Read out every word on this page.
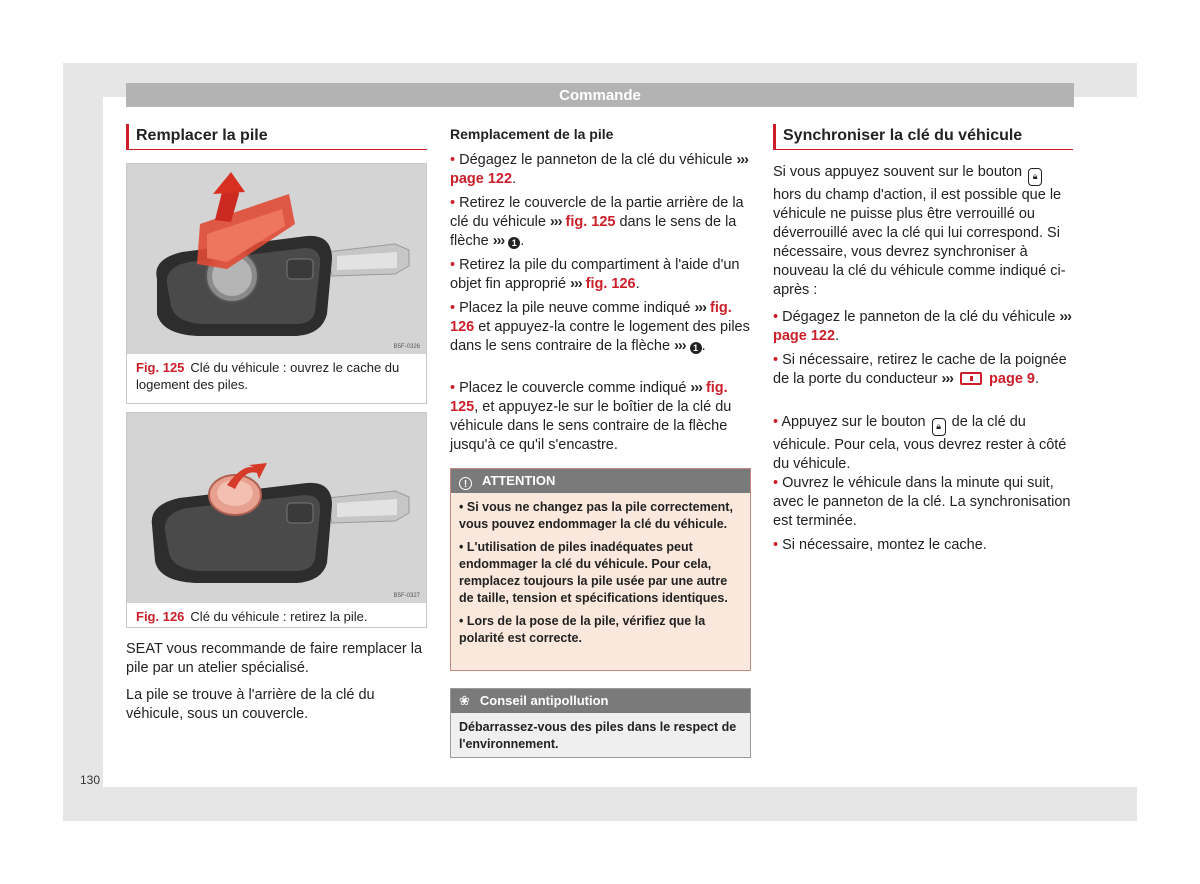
Commande
Remplacer la pile
B5F-0326
Fig. 125 Clé du véhicule : ouvrez le cache du logement des piles.
B5F-0327
Fig. 126 Clé du véhicule : retirez la pile.

SEAT vous recommande de faire remplacer la pile par un atelier spécialisé.

La pile se trouve à l'arrière de la clé du véhicule, sous un couvercle.

Remplacement de la pile

• Dégagez le panneton de la clé du véhicule ››› page 122.

• Retirez le couvercle de la partie arrière de la clé du véhicule ››› fig. 125 dans le sens de la flèche ››› 1 .

• Retirez la pile du compartiment à l'aide d'un objet fin approprié ››› fig. 126.

• Placez la pile neuve comme indiqué ››› fig. 126 et appuyez-la contre le logement des piles dans le sens contraire de la flèche ››› 1 .

• Placez le couvercle comme indiqué ››› fig. 125, et appuyez-le sur le boîtier de la clé du véhicule dans le sens contraire de la flèche jusqu'à ce qu'il s'encastre.

! ATTENTION

• Si vous ne changez pas la pile correctement, vous pouvez endommager la clé du véhicule.

• L'utilisation de piles inadéquates peut endommager la clé du véhicule. Pour cela, remplacez toujours la pile usée par une autre de taille, tension et spécifications identiques.

• Lors de la pose de la pile, vérifiez que la polarité est correcte.

❀ Conseil antipollution
Débarrassez-vous des piles dans le respect de l'environnement.
Synchroniser la clé du véhicule

Si vous appuyez souvent sur le bouton 🔒︎ hors du champ d'action, il est possible que le véhicule ne puisse plus être verrouillé ou déverrouillé avec la clé qui lui correspond. Si nécessaire, vous devrez synchroniser à nouveau la clé du véhicule comme indiqué ci-après :

• Dégagez le panneton de la clé du véhicule ››› page 122.

• Si nécessaire, retirez le cache de la poignée de la porte du conducteur ››› page 9.

• Appuyez sur le bouton 🔒︎ de la clé du véhicule. Pour cela, vous devrez rester à côté du véhicule.

• Ouvrez le véhicule dans la minute qui suit, avec le panneton de la clé. La synchronisation est terminée.

• Si nécessaire, montez le cache.

130
